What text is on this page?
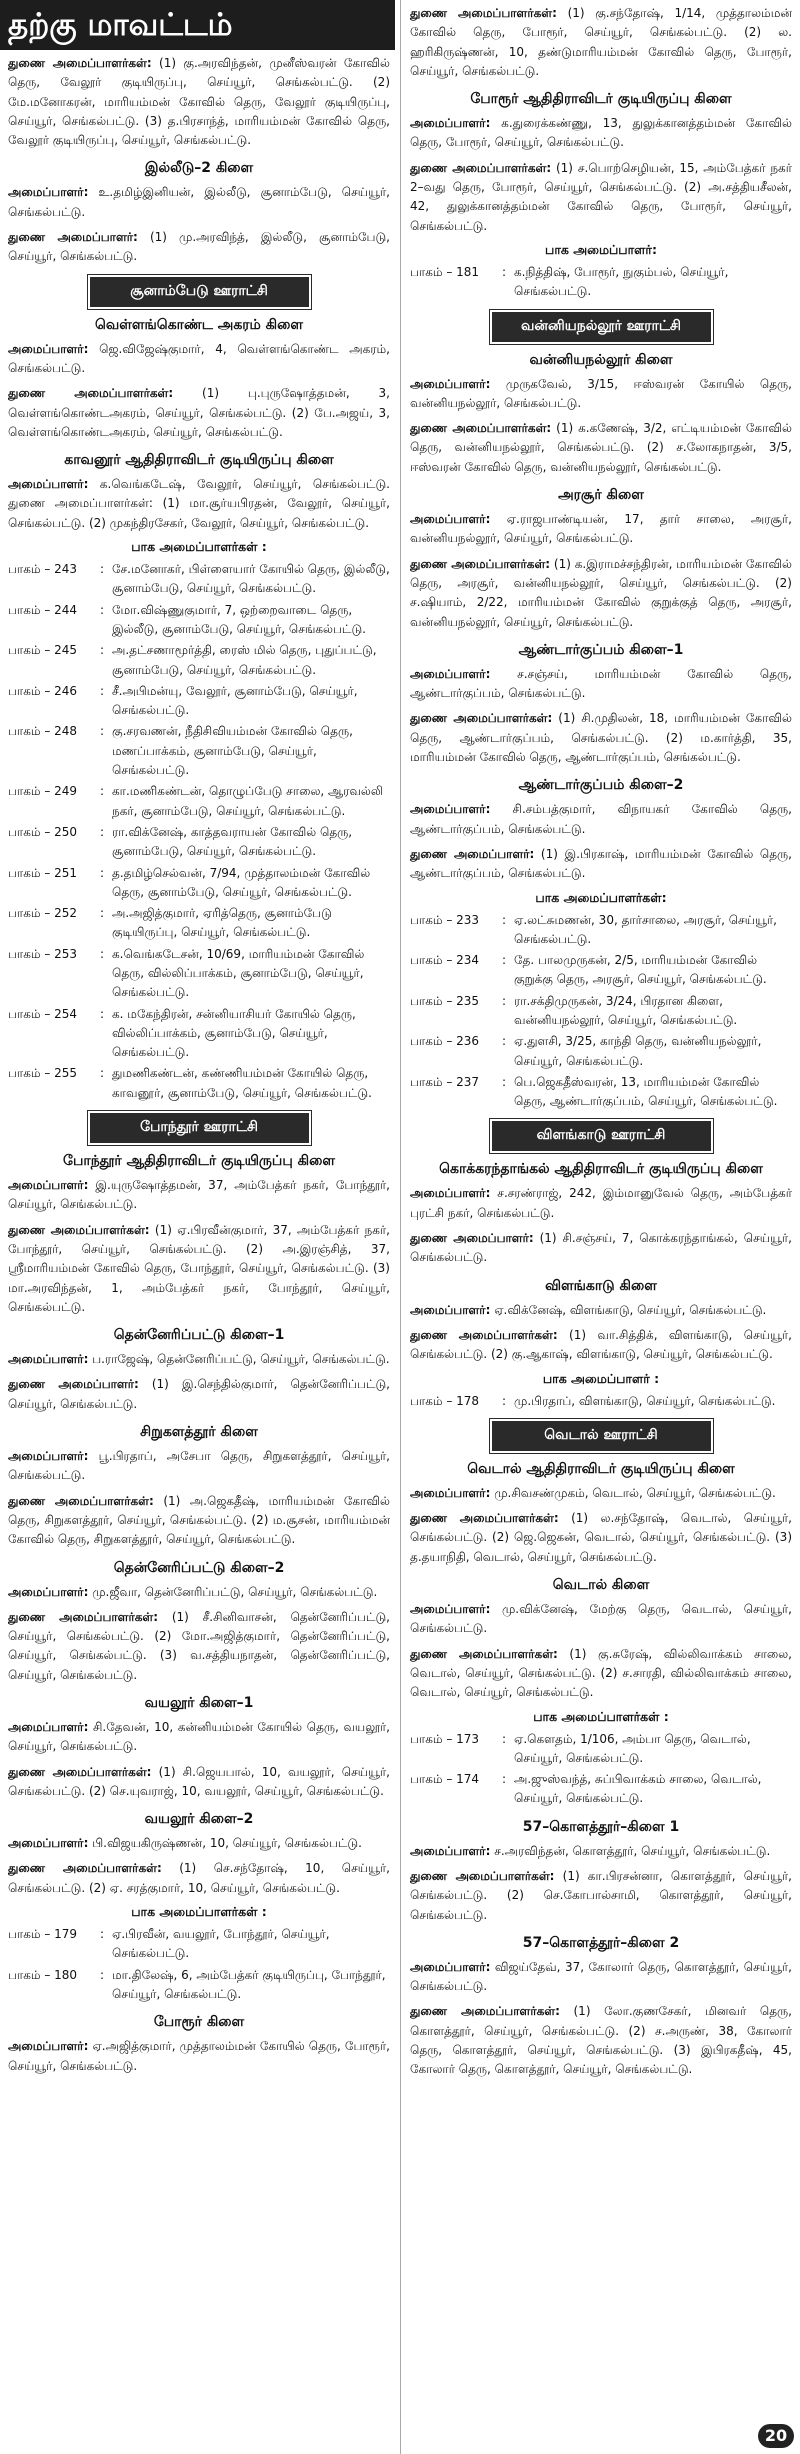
தற்கு மாவட்டம்

துணை அமைப்பாளர்கள்: (1) கு.அரவிந்தன், முனீஸ்வரன் கோவில் தெரு, வேலூர் குடியிருப்பு, செய்யூர், செங்கல்பட்டு. (2) மே.மனோகரன், மாரியம்மன் கோவில் தெரு, வேலூர் குடியிருப்பு, செய்யூர், செங்கல்பட்டு. (3) த.பிரசாந்த், மாரியம்மன் கோவில் தெரு, வேலூர் குடியிருப்பு, செய்யூர், செங்கல்பட்டு.

இல்லீடு–2 கிளை

அமைப்பாளர்: உ.தமிழ்இனியன், இல்லீடு, சூனாம்பேடு, செய்யூர், செங்கல்பட்டு.

துணை அமைப்பாளர்: (1) மு.அரவிந்த், இல்லீடு, சூனாம்பேடு, செய்யூர், செங்கல்பட்டு.

சூனாம்பேடு ஊராட்சி
வெள்ளங்கொண்ட அகரம் கிளை

அமைப்பாளர்: ஜெ.விஜேஷ்குமார், 4, வெள்ளங்கொண்ட அகரம், செங்கல்பட்டு.

துணை அமைப்பாளர்கள்: (1) பு.புருஷோத்தமன், 3, வெள்ளங்கொண்டஅகரம், செய்யூர், செங்கல்பட்டு. (2) பே.அஜய், 3, வெள்ளங்கொண்டஅகரம், செய்யூர், செங்கல்பட்டு.

காவனூர் ஆதிதிராவிடர் குடியிருப்பு கிளை

அமைப்பாளர்: க.வெங்கடேஷ், வேலூர், செய்யூர், செங்கல்பட்டு. துணை அமைப்பாளர்கள்: (1) மா.சூர்யபிரதன், வேலூர், செய்யூர், செங்கல்பட்டு. (2) முகந்திரசேகர், வேலூர், செய்யூர், செங்கல்பட்டு.

பாக அமைப்பாளர்கள் :
பாகம் – 243	: சே.மனோகர், பிள்ளையார் கோயில் தெரு, இல்லீடு, சூனாம்பேடு, செய்யூர், செங்கல்பட்டு.
பாகம் – 244	: மோ.விஷ்ணுகுமார், 7, ஒற்றைவாடை தெரு, இல்லீடு, சூனாம்பேடு, செய்யூர், செங்கல்பட்டு.
பாகம் – 245	: அ.தட்சணாமூர்த்தி, ரைஸ் மில் தெரு, புதுப்பட்டு, சூனாம்பேடு, செய்யூர், செங்கல்பட்டு.
பாகம் – 246	: சீ.அபிமன்யு, வேலூர், சூனாம்பேடு, செய்யூர், செங்கல்பட்டு.
பாகம் – 248	: கு.சரவணன், நீதிசிவியம்மன் கோவில் தெரு, மணப்பாக்கம், சூனாம்பேடு, செய்யூர், செங்கல்பட்டு.
பாகம் – 249	: கா.மணிகண்டன், தொழுப்பேடு சாலை, ஆரவல்லி நகர், சூனாம்பேடு, செய்யூர், செங்கல்பட்டு.
பாகம் – 250	: ரா.விக்னேஷ், காத்தவராயன் கோவில் தெரு, சூனாம்பேடு, செய்யூர், செங்கல்பட்டு.
பாகம் – 251	: த.தமிழ்செல்வன், 7/94, முத்தாலம்மன் கோவில் தெரு, சூனாம்பேடு, செய்யூர், செங்கல்பட்டு.
பாகம் – 252	: அ.அஜித்குமார், ஏரித்தெரு, சூனாம்பேடு குடியிருப்பு, செய்யூர், செங்கல்பட்டு.
பாகம் – 253	: க.வெங்கடேசன், 10/69, மாரியம்மன் கோவில் தெரு, வில்லிப்பாக்கம், சூனாம்பேடு, செய்யூர், செங்கல்பட்டு.
பாகம் – 254	: க. மகேந்திரன், சன்னியாசியர் கோயில் தெரு, வில்லிப்பாக்கம், சூனாம்பேடு, செய்யூர், செங்கல்பட்டு.
பாகம் – 255	: துமணிகண்டன், கண்ணியம்மன் கோயில் தெரு, காவனூர், சூனாம்பேடு, செய்யூர், செங்கல்பட்டு.
போந்தூர் ஊராட்சி
போந்தூர் ஆதிதிராவிடர் குடியிருப்பு கிளை

அமைப்பாளர்: இ.யுருஷோத்தமன், 37, அம்பேத்கர் நகர், போந்தூர், செய்யூர், செங்கல்பட்டு.

துணை அமைப்பாளர்கள்: (1) ஏ.பிரவீன்குமார், 37, அம்பேத்கர் நகர், போந்தூர், செய்யூர், செங்கல்பட்டு. (2) அ.இரஞ்சித், 37, ஸ்ரீமாரியம்மன் கோவில் தெரு, போந்தூர், செய்யூர், செங்கல்பட்டு. (3) மா.அரவிந்தன், 1, அம்பேத்கர் நகர், போந்தூர், செய்யூர், செங்கல்பட்டு.

தென்னேரிப்பட்டு கிளை–1

அமைப்பாளர்: ப.ராஜேஷ், தென்னேரிப்பட்டு, செய்யூர், செங்கல்பட்டு.

துணை அமைப்பாளர்: (1) இ.செந்தில்குமார், தென்னேரிப்பட்டு, செய்யூர், செங்கல்பட்டு.

சிறுகளத்தூர் கிளை

அமைப்பாளர்: பூ.பிரதாப், அசேபா தெரு, சிறுகளத்தூர், செய்யூர், செங்கல்பட்டு.

துணை அமைப்பாளர்கள்: (1) அ.ஜெகதீஷ், மாரியம்மன் கோவில் தெரு, சிறுகளத்தூர், செய்யூர், செங்கல்பட்டு. (2) ம.சூசன், மாரியம்மன் கோவில் தெரு, சிறுகளத்தூர், செய்யூர், செங்கல்பட்டு.

தென்னேரிப்பட்டு கிளை–2

அமைப்பாளர்: மு.ஜீவா, தென்னேரிப்பட்டு, செய்யூர், செங்கல்பட்டு.

துணை அமைப்பாளர்கள்: (1) சீ.சினிவாசன், தென்னேரிப்பட்டு, செய்யூர், செங்கல்பட்டு. (2) மோ.அஜித்குமார், தென்னேரிப்பட்டு, செய்யூர், செங்கல்பட்டு. (3) வ.சத்தியநாதன், தென்னேரிப்பட்டு, செய்யூர், செங்கல்பட்டு.

வயலூர் கிளை–1

அமைப்பாளர்: சி.தேவன், 10, கன்னியம்மன் கோயில் தெரு, வயலூர், செய்யூர், செங்கல்பட்டு.

துணை அமைப்பாளர்கள்: (1) சி.ஜெயபால், 10, வயலூர், செய்யூர், செங்கல்பட்டு. (2) செ.யுவராஜ், 10, வயலூர், செய்யூர், செங்கல்பட்டு.

வயலூர் கிளை–2

அமைப்பாளர்: பி.விஜயகிருஷ்ணன், 10, செய்யூர், செங்கல்பட்டு.

துணை அமைப்பாளர்கள்: (1) செ.சந்தோஷ், 10, செய்யூர், செங்கல்பட்டு. (2) ஏ. சரத்குமார், 10, செய்யூர், செங்கல்பட்டு.

பாக அமைப்பாளர்கள் :
பாகம் – 179	: ஏ.பிரவீன், வயலூர், போந்தூர், செய்யூர், செங்கல்பட்டு.
பாகம் – 180	: மா.திலேஷ், 6, அம்பேத்கர் குடியிருப்பு, போந்தூர், செய்யூர், செங்கல்பட்டு.
போரூர் கிளை

அமைப்பாளர்: ஏ.அஜித்குமார், முத்தாலம்மன் கோயில் தெரு, போரூர், செய்யூர், செங்கல்பட்டு.

துணை அமைப்பாளர்கள்: (1) கு.சந்தோஷ், 1/14, முத்தாலம்மன் கோவில் தெரு, போரூர், செய்யூர், செங்கல்பட்டு. (2) ல. ஹரிகிருஷ்ணன், 10, தண்டுமாரியம்மன் கோவில் தெரு, போரூர், செய்யூர், செங்கல்பட்டு.

போரூர் ஆதிதிராவிடர் குடியிருப்பு கிளை

அமைப்பாளர்: க.துரைக்கண்ணு, 13, துலுக்கானத்தம்மன் கோவில் தெரு, போரூர், செய்யூர், செங்கல்பட்டு.

துணை அமைப்பாளர்கள்: (1) ச.பொற்செழியன், 15, அம்பேத்கர் நகர் 2–வது தெரு, போரூர், செய்யூர், செங்கல்பட்டு. (2) அ.சத்தியசீலன், 42, துலுக்கானத்தம்மன் கோவில் தெரு, போரூர், செய்யூர், செங்கல்பட்டு.

பாக அமைப்பாளர்:
பாகம் – 181	: க.நித்திஷ், போரூர், நுகும்பல், செய்யூர், செங்கல்பட்டு.
வன்னியநல்லூர் ஊராட்சி
வன்னியநல்லூர் கிளை

அமைப்பாளர்: முருகவேல், 3/15, ஈஸ்வரன் கோயில் தெரு, வன்னியநல்லூர், செங்கல்பட்டு.

துணை அமைப்பாளர்கள்: (1) க.கணேஷ், 3/2, எட்டியம்மன் கோவில் தெரு, வன்னியநல்லூர், செங்கல்பட்டு. (2) ச.லோகநாதன், 3/5, ஈஸ்வரன் கோவில் தெரு, வன்னியநல்லூர், செங்கல்பட்டு.

அரசூர் கிளை

அமைப்பாளர்: ஏ.ராஜபாண்டியன், 17, தார் சாலை, அரசூர், வன்னியநல்லூர், செய்யூர், செங்கல்பட்டு.

துணை அமைப்பாளர்கள்: (1) க.இராமச்சந்திரன், மாரியம்மன் கோவில் தெரு, அரசூர், வன்னியநல்லூர், செய்யூர், செங்கல்பட்டு. (2) ச.ஷியாம், 2/22, மாரியம்மன் கோவில் குறுக்குத் தெரு, அரசூர், வன்னியநல்லூர், செய்யூர், செங்கல்பட்டு.

ஆண்டார்குப்பம் கிளை–1

அமைப்பாளர்: ச.சஞ்சய், மாரியம்மன் கோவில் தெரு, ஆண்டார்குப்பம், செங்கல்பட்டு.

துணை அமைப்பாளர்கள்: (1) சி.முதிலன், 18, மாரியம்மன் கோவில் தெரு, ஆண்டார்குப்பம், செங்கல்பட்டு. (2) ம.கார்த்தி, 35, மாரியம்மன் கோவில் தெரு, ஆண்டார்குப்பம், செங்கல்பட்டு.

ஆண்டார்குப்பம் கிளை–2

அமைப்பாளர்: சி.சம்பத்குமார், விநாயகர் கோவில் தெரு, ஆண்டார்குப்பம், செங்கல்பட்டு.

துணை அமைப்பாளர்: (1) இ.பிரகாஷ், மாரியம்மன் கோவில் தெரு, ஆண்டார்குப்பம், செங்கல்பட்டு.

பாக அமைப்பாளர்கள்:
பாகம் – 233	: ஏ.லட்சுமணன், 30, தார்சாலை, அரசூர், செய்யூர், செங்கல்பட்டு.
பாகம் – 234	: தே. பாலமுருகன், 2/5, மாரியம்மன் கோவில் குறுக்கு தெரு, அரசூர், செய்யூர், செங்கல்பட்டு.
பாகம் – 235	: ரா.சக்திமுருகன், 3/24, பிரதான கிளை, வன்னியநல்லூர், செய்யூர், செங்கல்பட்டு.
பாகம் – 236	: ஏ.துளசி, 3/25, காந்தி தெரு, வன்னியநல்லூர், செய்யூர், செங்கல்பட்டு.
பாகம் – 237	: பெ.ஜெகதீஸ்வரன், 13, மாரியம்மன் கோவில் தெரு, ஆண்டார்குப்பம், செய்யூர், செங்கல்பட்டு.
விளங்காடு ஊராட்சி
கொக்கரந்தாங்கல் ஆதிதிராவிடர் குடியிருப்பு கிளை

அமைப்பாளர்: ச.சரண்ராஜ், 242, இம்மானுவேல் தெரு, அம்பேத்கர் புரட்சி நகர், செங்கல்பட்டு.

துணை அமைப்பாளர்: (1) சி.சஞ்சய், 7, கொக்கரந்தாங்கல், செய்யூர், செங்கல்பட்டு.

விளங்காடு கிளை

அமைப்பாளர்: ஏ.விக்னேஷ், விளங்காடு, செய்யூர், செங்கல்பட்டு.

துணை அமைப்பாளர்கள்: (1) வா.சித்திக், விளங்காடு, செய்யூர், செங்கல்பட்டு. (2) கு.ஆகாஷ், விளங்காடு, செய்யூர், செங்கல்பட்டு.

பாக அமைப்பாளர் :
பாகம் – 178	: மு.பிரதாப், விளங்காடு, செய்யூர், செங்கல்பட்டு.
வெடால் ஊராட்சி
வெடால் ஆதிதிராவிடர் குடியிருப்பு கிளை

அமைப்பாளர்: மு.சிவசண்முகம், வெடால், செய்யூர், செங்கல்பட்டு.

துணை அமைப்பாளர்கள்: (1) ல.சந்தோஷ், வெடால், செய்யூர், செங்கல்பட்டு. (2) ஜெ.ஜெகன், வெடால், செய்யூர், செங்கல்பட்டு. (3) த.தயாநிதி, வெடால், செய்யூர், செங்கல்பட்டு.

வெடால் கிளை

அமைப்பாளர்: மு.விக்னேஷ், மேற்கு தெரு, வெடால், செய்யூர், செங்கல்பட்டு.

துணை அமைப்பாளர்கள்: (1) கு.சுரேஷ், வில்லிவாக்கம் சாலை, வெடால், செய்யூர், செங்கல்பட்டு. (2) ச.சாரதி, வில்லிவாக்கம் சாலை, வெடால், செய்யூர், செங்கல்பட்டு.

பாக அமைப்பாளர்கள் :
பாகம் – 173	: ஏ.கௌதம், 1/106, அம்பா தெரு, வெடால், செய்யூர், செங்கல்பட்டு.
பாகம் – 174	: அ.ஜுஸ்வந்த், சுப்பிவாக்கம் சாலை, வெடால், செய்யூர், செங்கல்பட்டு.
57–கொளத்தூர்–கிளை 1

அமைப்பாளர்: ச.அரவிந்தன், கொளத்தூர், செய்யூர், செங்கல்பட்டு.

துணை அமைப்பாளர்கள்: (1) கா.பிரசன்னா, கொளத்தூர், செய்யூர், செங்கல்பட்டு. (2) செ.கோபால்சாமி, கொளத்தூர், செய்யூர், செங்கல்பட்டு.

57–கொளத்தூர்–கிளை 2

அமைப்பாளர்: விஜய்தேவ், 37, கோலார் தெரு, கொளத்தூர், செய்யூர், செங்கல்பட்டு.

துணை அமைப்பாளர்கள்: (1) லோ.குணசேகர், மினவர் தெரு, கொளத்தூர், செய்யூர், செங்கல்பட்டு. (2) ச.அருண், 38, கோலார் தெரு, கொளத்தூர், செய்யூர், செங்கல்பட்டு. (3) இபிரகதீஷ், 45, கோலார் தெரு, கொளத்தூர், செய்யூர், செங்கல்பட்டு.

20
